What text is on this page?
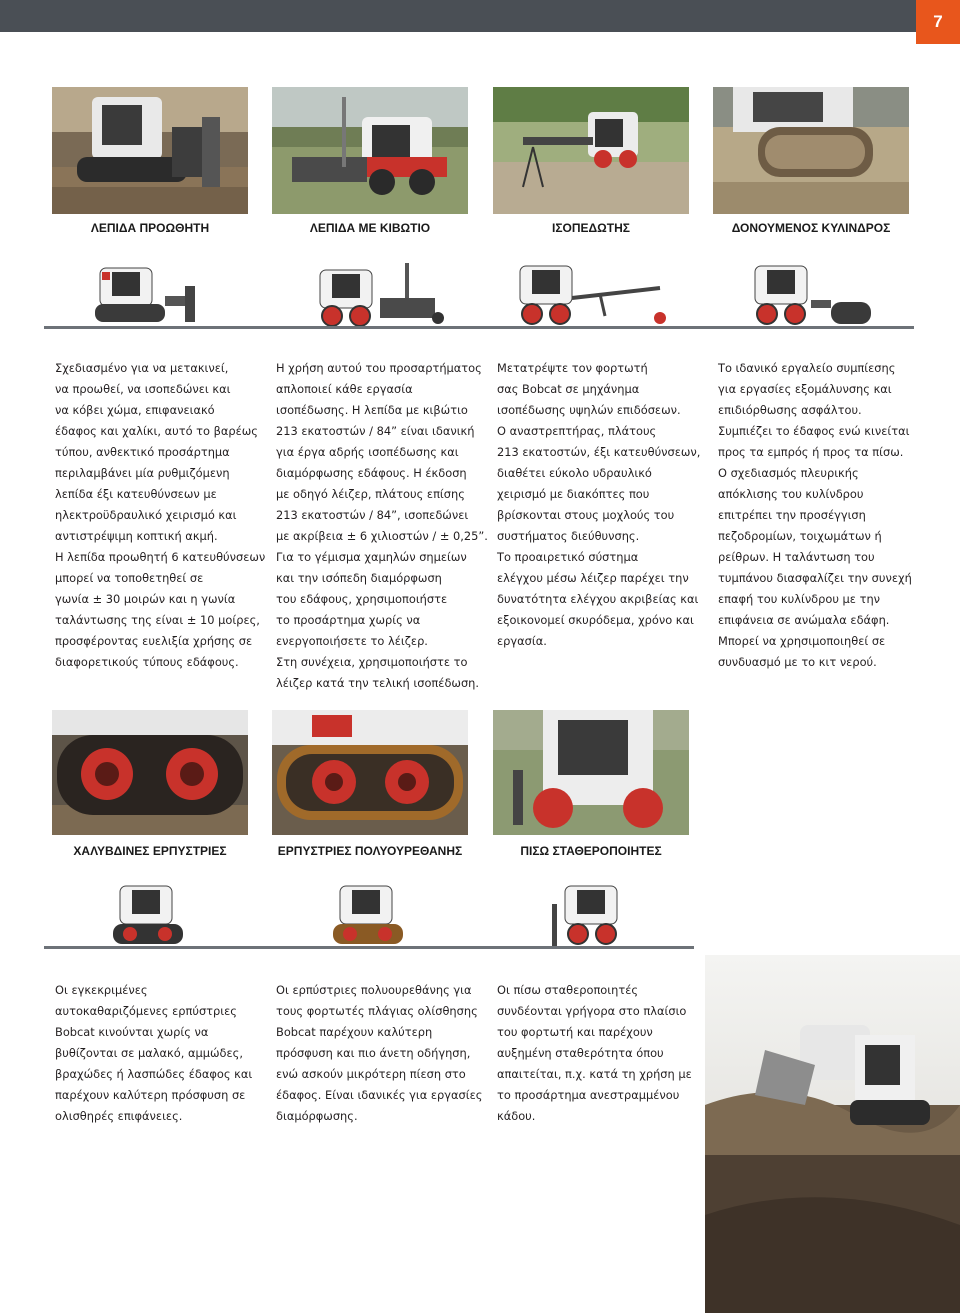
7
ΛΕΠΙΔΑ ΠΡΟΩΘΗΤΗ	ΛΕΠΙΔΑ ΜΕ ΚΙΒΩΤΙΟ	ΙΣΟΠΕΔΩΤΗΣ	ΔΟΝΟΥΜΕΝΟΣ ΚΥΛΙΝΔΡΟΣ
Σχεδιασμένο για να μετακινεί,
να προωθεί, να ισοπεδώνει και
να κόβει χώμα, επιφανειακό
έδαφος και χαλίκι, αυτό το βαρέως
τύπου, ανθεκτικό προσάρτημα
περιλαμβάνει μία ρυθμιζόμενη
λεπίδα έξι κατευθύνσεων με
ηλεκτροϋδραυλικό χειρισμό και
αντιστρέψιμη κοπτική ακμή.
Η λεπίδα προωθητή 6 κατευθύνσεων
μπορεί να τοποθετηθεί σε
γωνία ± 30 μοιρών και η γωνία
ταλάντωσης της είναι ± 10 μοίρες,
προσφέροντας ευελιξία χρήσης σε
διαφορετικούς τύπους εδάφους.
Η χρήση αυτού του προσαρτήματος
απλοποιεί κάθε εργασία
ισοπέδωσης. Η λεπίδα με κιβώτιο
213 εκατοστών / 84” είναι ιδανική
για έργα αδρής ισοπέδωσης και
διαμόρφωσης εδάφους. Η έκδοση
με οδηγό λέιζερ, πλάτους επίσης
213 εκατοστών / 84”, ισοπεδώνει
με ακρίβεια ± 6 χιλιοστών / ± 0,25”.
Για το γέμισμα χαμηλών σημείων
και την ισόπεδη διαμόρφωση
του εδάφους, χρησιμοποιήστε
το προσάρτημα χωρίς να
ενεργοποιήσετε το λέιζερ.
Στη συνέχεια, χρησιμοποιήστε το
λέιζερ κατά την τελική ισοπέδωση.
Μετατρέψτε τον φορτωτή
σας Bobcat σε μηχάνημα
ισοπέδωσης υψηλών επιδόσεων.
Ο αναστρεπτήρας, πλάτους
213 εκατοστών, έξι κατευθύνσεων,
διαθέτει εύκολο υδραυλικό
χειρισμό με διακόπτες που
βρίσκονται στους μοχλούς του
συστήματος διεύθυνσης.
Το προαιρετικό σύστημα
ελέγχου μέσω λέιζερ παρέχει την
δυνατότητα ελέγχου ακριβείας και
εξοικονομεί σκυρόδεμα, χρόνο και
εργασία.
Το ιδανικό εργαλείο συμπίεσης
για εργασίες εξομάλυνσης και
επιδιόρθωσης ασφάλτου.
Συμπιέζει το έδαφος ενώ κινείται
προς τα εμπρός ή προς τα πίσω.
Ο σχεδιασμός πλευρικής
απόκλισης του κυλίνδρου
επιτρέπει την προσέγγιση
πεζοδρομίων, τοιχωμάτων ή
ρείθρων. Η ταλάντωση του
τυμπάνου διασφαλίζει την συνεχή
επαφή του κυλίνδρου με την
επιφάνεια σε ανώμαλα εδάφη.
Μπορεί να χρησιμοποιηθεί σε
συνδυασμό με το κιτ νερού.
ΧΑΛΥΒΔΙΝΕΣ ΕΡΠΥΣΤΡΙΕΣ	ΕΡΠΥΣΤΡΙΕΣ ΠΟΛΥΟΥΡΕΘΑΝΗΣ	ΠΙΣΩ ΣΤΑΘΕΡΟΠΟΙΗΤΕΣ
Οι εγκεκριμένες
αυτοκαθαριζόμενες ερπύστριες
Bobcat κινούνται χωρίς να
βυθίζονται σε μαλακό, αμμώδες,
βραχώδες ή λασπώδες έδαφος και
παρέχουν καλύτερη πρόσφυση σε
ολισθηρές επιφάνειες.
Οι ερπύστριες πολυουρεθάνης για
τους φορτωτές πλάγιας ολίσθησης
Bobcat παρέχουν καλύτερη
πρόσφυση και πιο άνετη οδήγηση,
ενώ ασκούν μικρότερη πίεση στο
έδαφος. Είναι ιδανικές για εργασίες
διαμόρφωσης.
Οι πίσω σταθεροποιητές
συνδέονται γρήγορα στο πλαίσιο
του φορτωτή και παρέχουν
αυξημένη σταθερότητα όπου
απαιτείται, π.χ. κατά τη χρήση με
το προσάρτημα ανεστραμμένου
κάδου.
